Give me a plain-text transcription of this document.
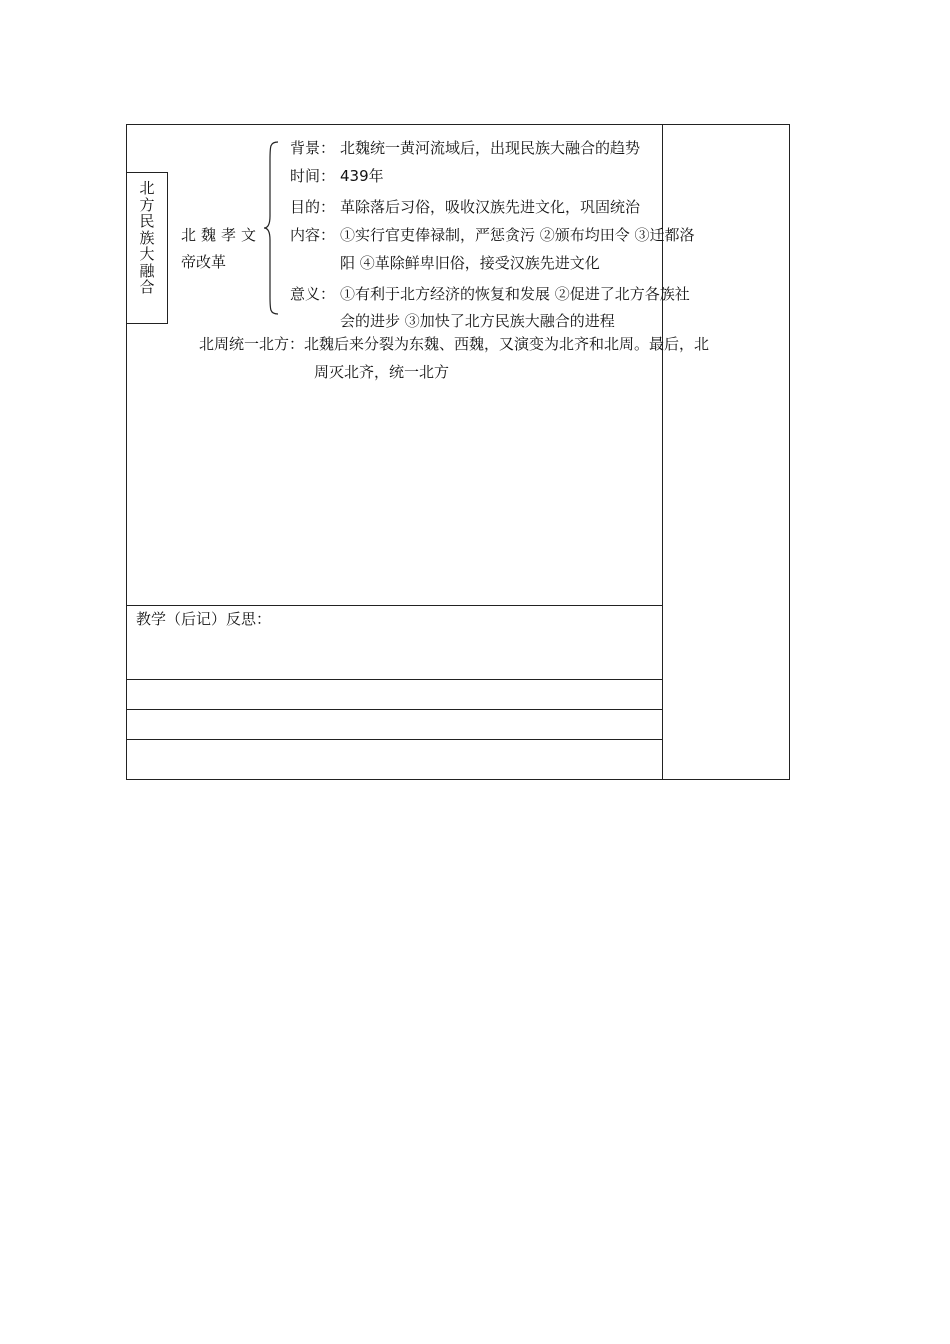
北
方
民
族
大
融
合
北魏孝文
帝改革
背景： 北魏统一黄河流域后，出现民族大融合的趋势
时间： 439年
目的： 革除落后习俗，吸收汉族先进文化，巩固统治
内容： ①实行官吏俸禄制，严惩贪污 ②颁布均田令 ③迁都洛
阳 ④革除鲜卑旧俗，接受汉族先进文化
意义： ①有利于北方经济的恢复和发展 ②促进了北方各族社
会的进步 ③加快了北方民族大融合的进程
北周统一北方：北魏后来分裂为东魏、西魏，又演变为北齐和北周。最后，北
周灭北齐，统一北方
教学（后记）反思：
